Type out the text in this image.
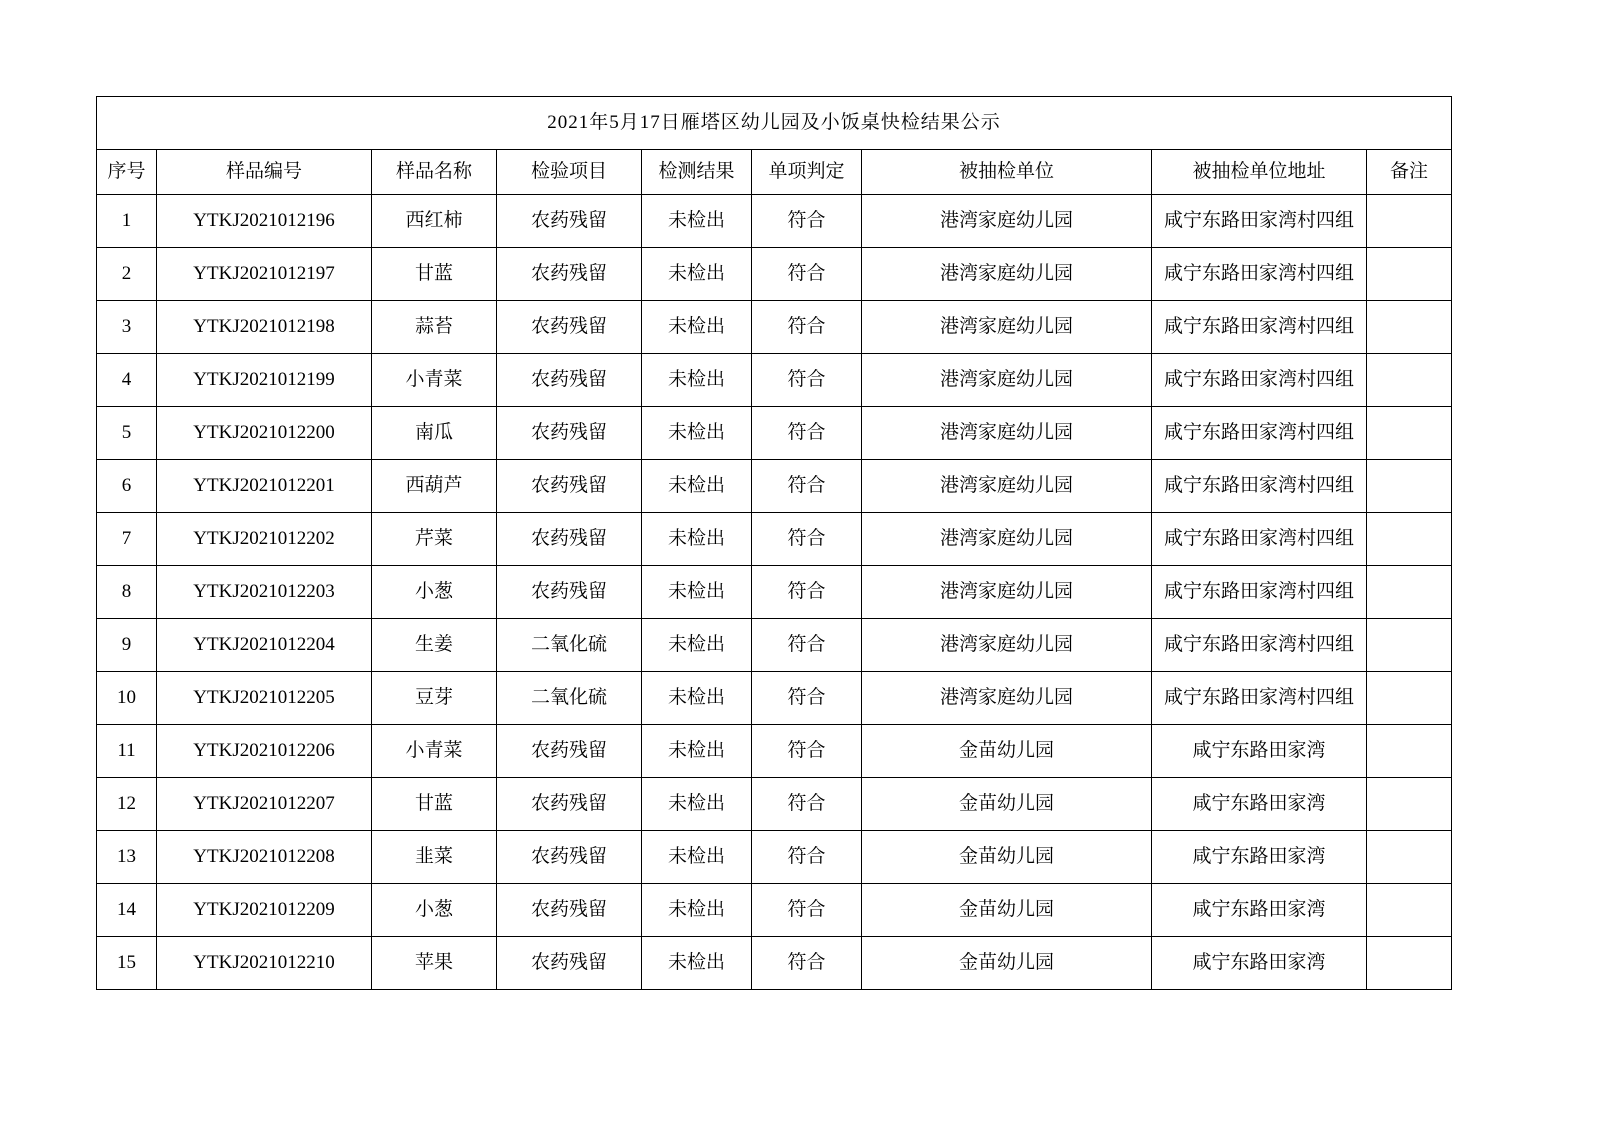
2021年5月17日雁塔区幼儿园及小饭桌快检结果公示								
序号	样品编号	样品名称	检验项目	检测结果	单项判定	被抽检单位	被抽检单位地址	备注
1	YTKJ2021012196	西红柿	农药残留	未检出	符合	港湾家庭幼儿园	咸宁东路田家湾村四组	
2	YTKJ2021012197	甘蓝	农药残留	未检出	符合	港湾家庭幼儿园	咸宁东路田家湾村四组	
3	YTKJ2021012198	蒜苔	农药残留	未检出	符合	港湾家庭幼儿园	咸宁东路田家湾村四组	
4	YTKJ2021012199	小青菜	农药残留	未检出	符合	港湾家庭幼儿园	咸宁东路田家湾村四组	
5	YTKJ2021012200	南瓜	农药残留	未检出	符合	港湾家庭幼儿园	咸宁东路田家湾村四组	
6	YTKJ2021012201	西葫芦	农药残留	未检出	符合	港湾家庭幼儿园	咸宁东路田家湾村四组	
7	YTKJ2021012202	芹菜	农药残留	未检出	符合	港湾家庭幼儿园	咸宁东路田家湾村四组	
8	YTKJ2021012203	小葱	农药残留	未检出	符合	港湾家庭幼儿园	咸宁东路田家湾村四组	
9	YTKJ2021012204	生姜	二氧化硫	未检出	符合	港湾家庭幼儿园	咸宁东路田家湾村四组	
10	YTKJ2021012205	豆芽	二氧化硫	未检出	符合	港湾家庭幼儿园	咸宁东路田家湾村四组	
11	YTKJ2021012206	小青菜	农药残留	未检出	符合	金苗幼儿园	咸宁东路田家湾	
12	YTKJ2021012207	甘蓝	农药残留	未检出	符合	金苗幼儿园	咸宁东路田家湾	
13	YTKJ2021012208	韭菜	农药残留	未检出	符合	金苗幼儿园	咸宁东路田家湾	
14	YTKJ2021012209	小葱	农药残留	未检出	符合	金苗幼儿园	咸宁东路田家湾	
15	YTKJ2021012210	苹果	农药残留	未检出	符合	金苗幼儿园	咸宁东路田家湾	
